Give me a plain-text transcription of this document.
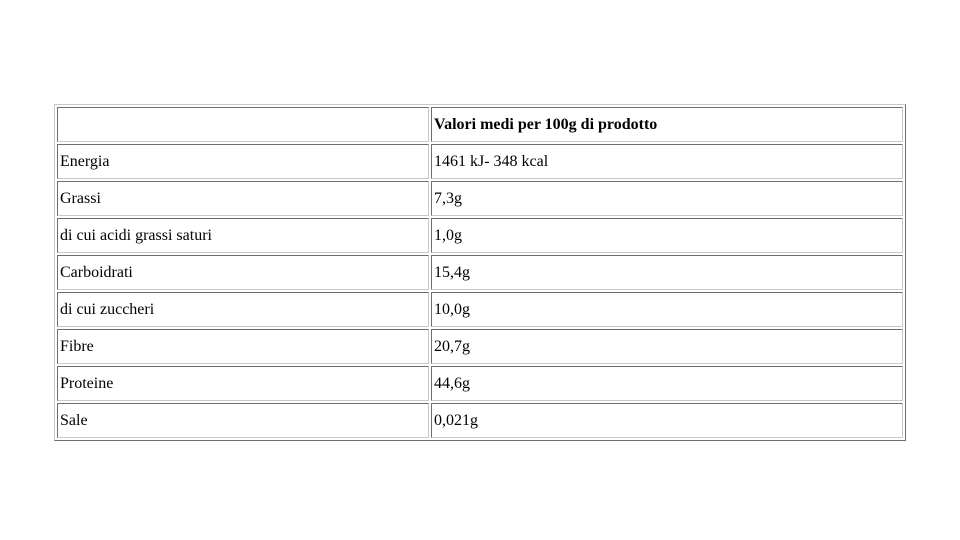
	Valori medi per 100g di prodotto
Energia	1461 kJ- 348 kcal
Grassi	7,3g
di cui acidi grassi saturi	1,0g
Carboidrati	15,4g
di cui zuccheri	10,0g
Fibre	20,7g
Proteine	44,6g
Sale	0,021g
